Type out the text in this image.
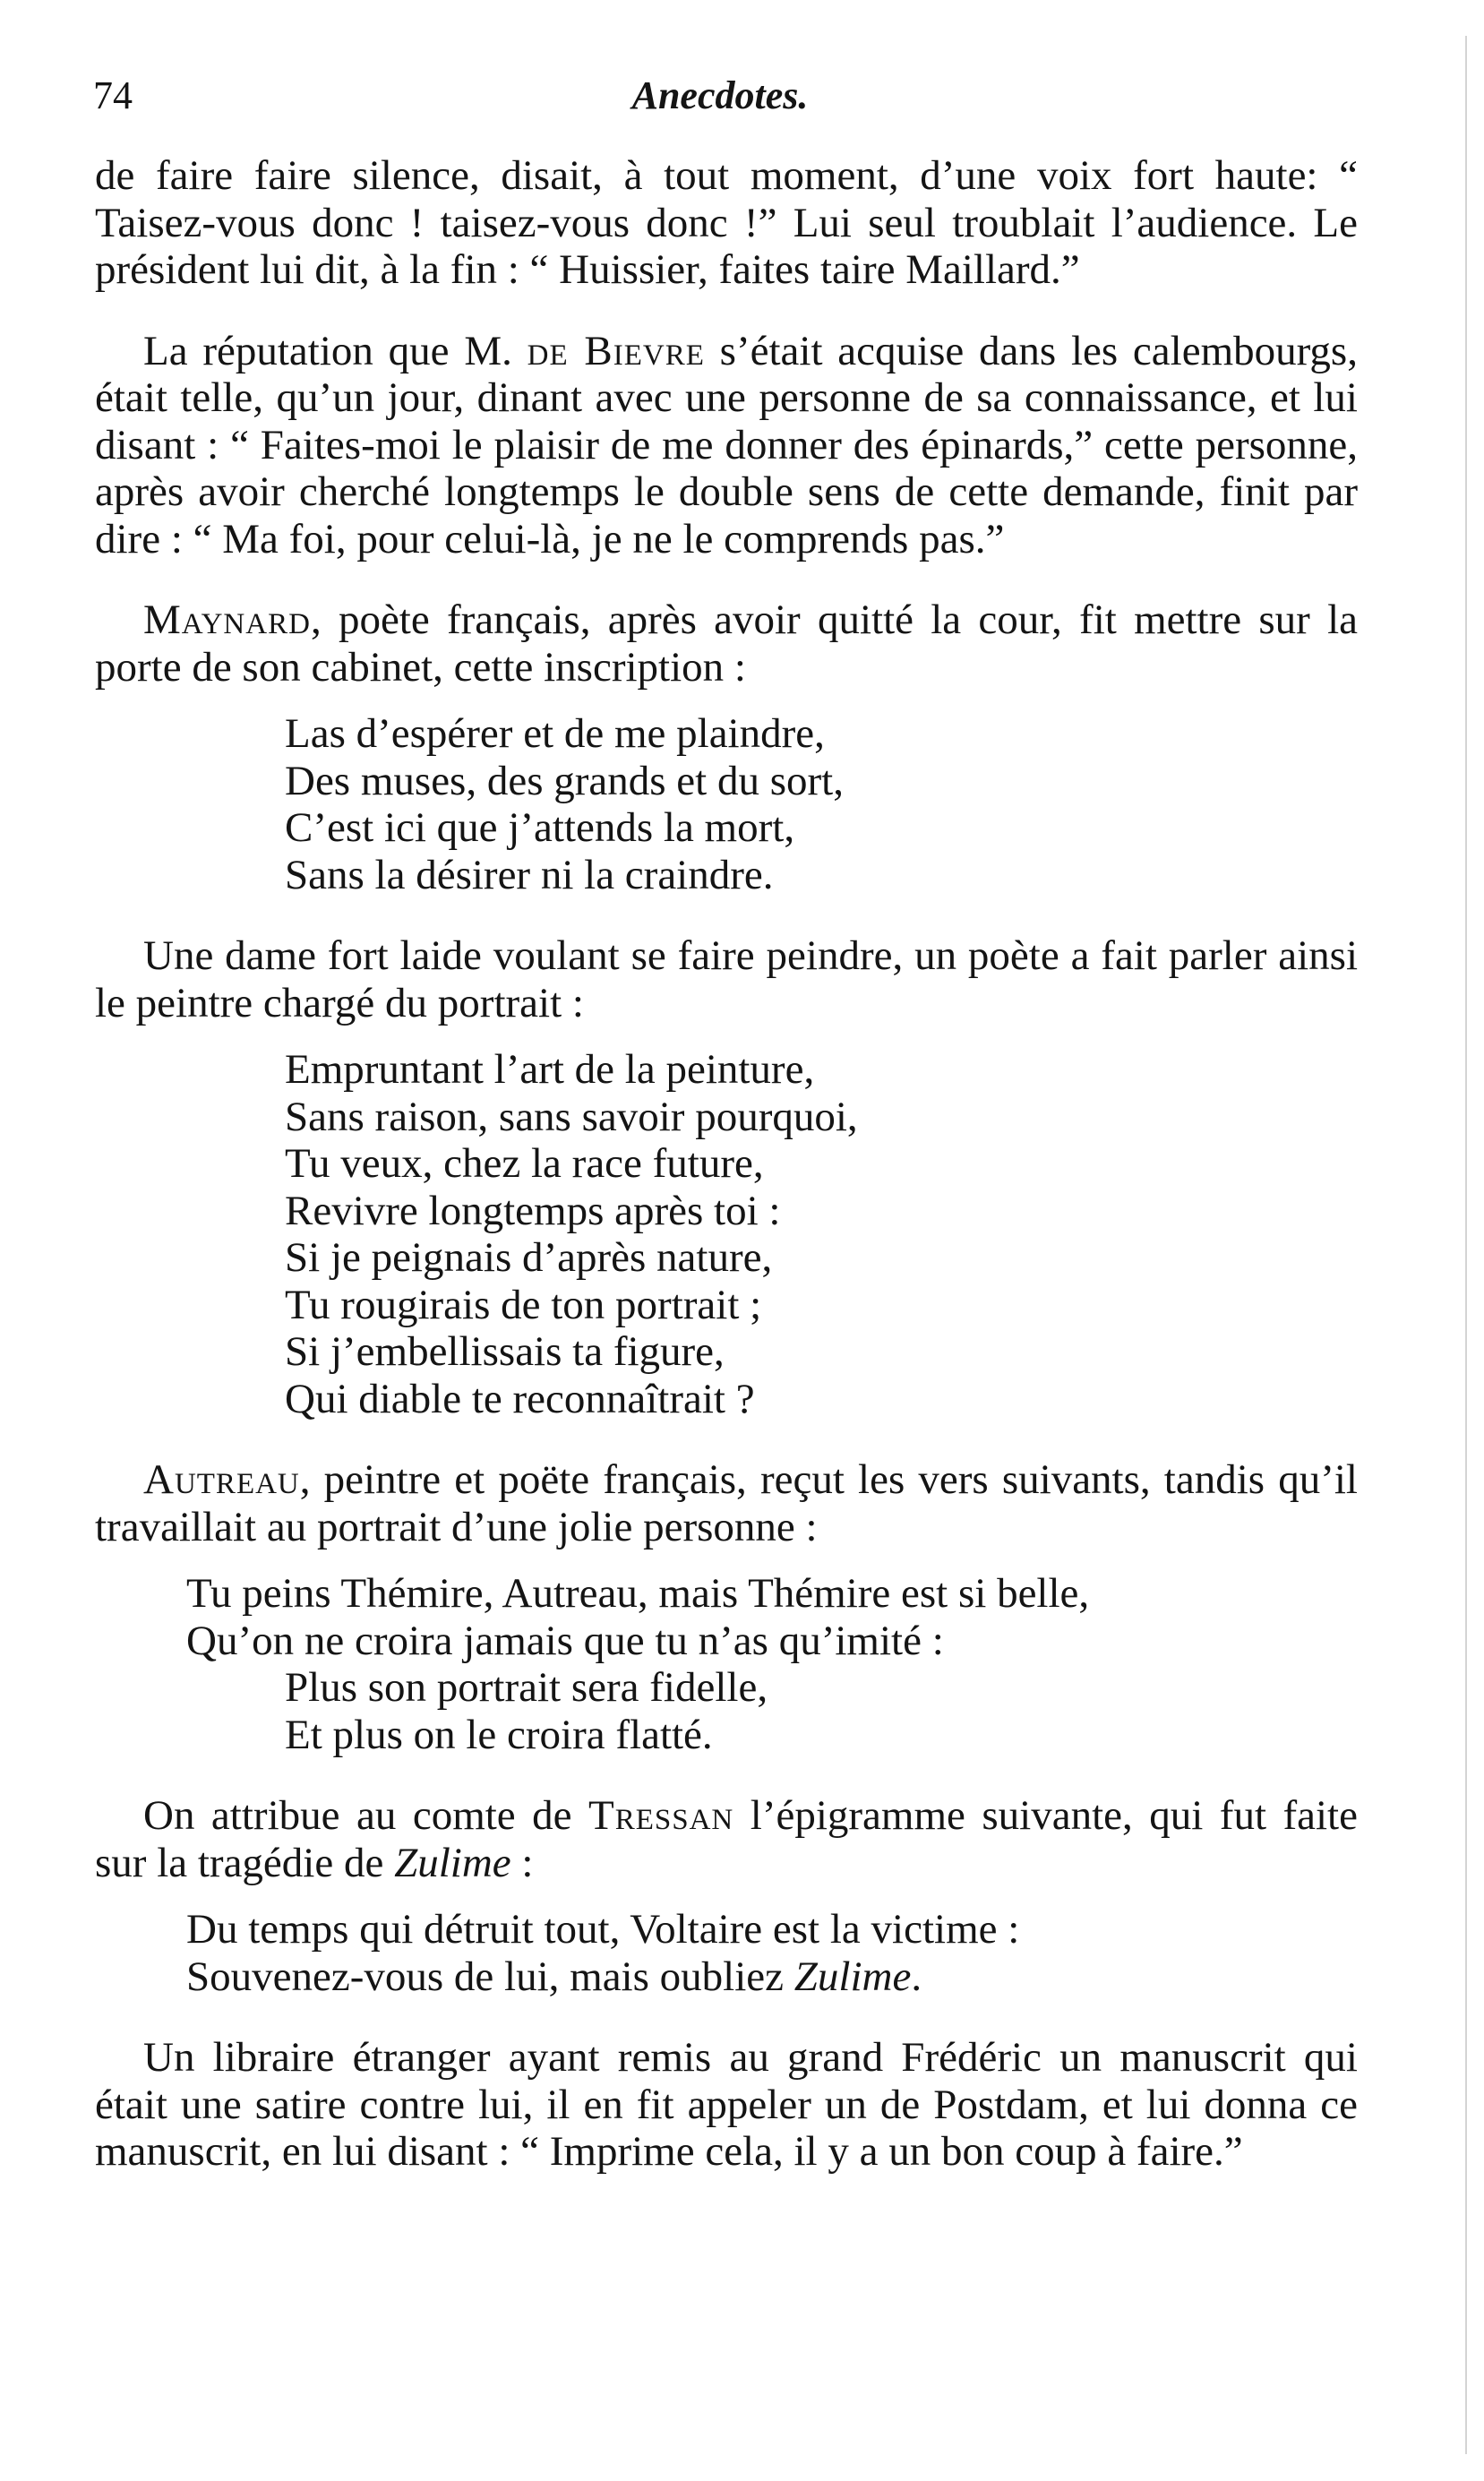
74	Anecdotes.

de faire faire silence, disait, à tout moment, d’une voix fort haute: “ Taisez-vous donc ! taisez-vous donc !” Lui seul troublait l’audience. Le président lui dit, à la fin : “ Huissier, faites taire Maillard.”

La réputation que M. de Bievre s’était acquise dans les calembourgs, était telle, qu’un jour, dinant avec une personne de sa connaissance, et lui disant : “ Faites-moi le plaisir de me donner des épinards,” cette personne, après avoir cherché longtemps le double sens de cette demande, finit par dire : “ Ma foi, pour celui-là, je ne le comprends pas.”

Maynard, poète français, après avoir quitté la cour, fit mettre sur la porte de son cabinet, cette inscription :

Las d’espérer et de me plaindre,
Des muses, des grands et du sort,
C’est ici que j’attends la mort,
Sans la désirer ni la craindre.

Une dame fort laide voulant se faire peindre, un poète a fait parler ainsi le peintre chargé du portrait :

Empruntant l’art de la peinture,
Sans raison, sans savoir pourquoi,
Tu veux, chez la race future,
Revivre longtemps après toi :
Si je peignais d’après nature,
Tu rougirais de ton portrait ;
Si j’embellissais ta figure,
Qui diable te reconnaîtrait ?

Autreau, peintre et poëte français, reçut les vers suivants, tandis qu’il travaillait au portrait d’une jolie personne :

Tu peins Thémire, Autreau, mais Thémire est si belle,
Qu’on ne croira jamais que tu n’as qu’imité :
Plus son portrait sera fidelle,
Et plus on le croira flatté.

On attribue au comte de Tressan l’épigramme suivante, qui fut faite sur la tragédie de Zulime :

Du temps qui détruit tout, Voltaire est la victime :
Souvenez-vous de lui, mais oubliez Zulime.

Un libraire étranger ayant remis au grand Frédéric un manuscrit qui était une satire contre lui, il en fit appeler un de Postdam, et lui donna ce manuscrit, en lui disant : “ Imprime cela, il y a un bon coup à faire.”
